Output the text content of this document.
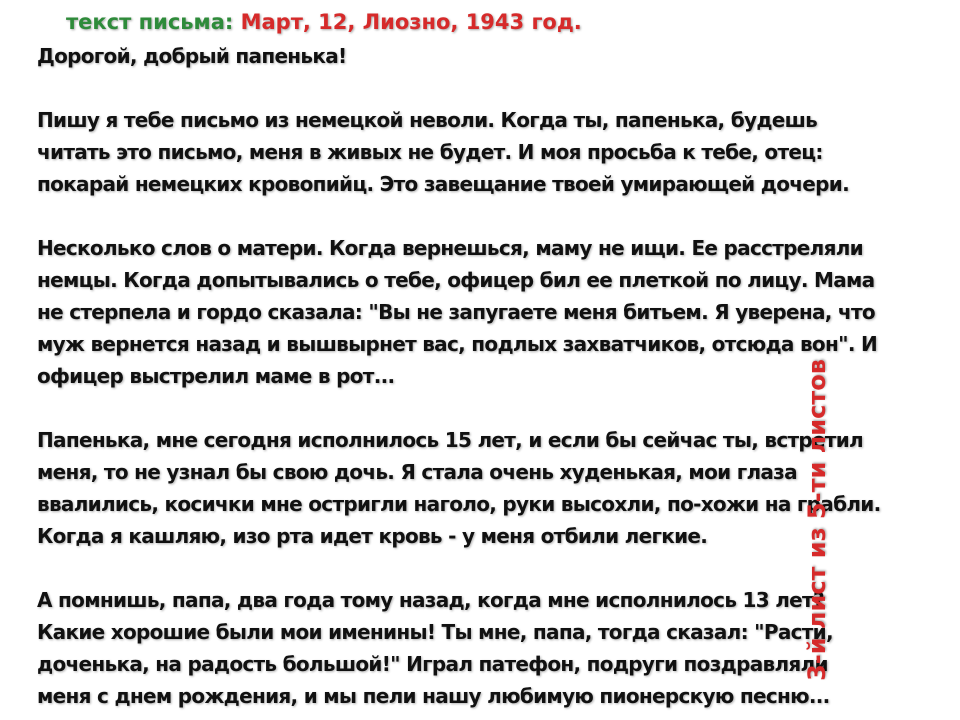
текст письма: Март, 12, Лиозно, 1943 год.
Дорогой, добрый папенька!
Пишу я тебе письмо из немецкой неволи. Когда ты, папенька, будешь
читать это письмо, меня в живых не будет. И моя просьба к тебе, отец:
покарай немецких кровопийц. Это завещание твоей умирающей дочери.
Несколько слов о матери. Когда вернешься, маму не ищи. Ее расстреляли
немцы. Когда допытывались о тебе, офицер бил ее плеткой по лицу. Мама
не стерпела и гордо сказала: "Вы не запугаете меня битьем. Я уверена, что
муж вернется назад и вышвырнет вас, подлых захватчиков, отсюда вон". И
офицер выстрелил маме в рот...
Папенька, мне сегодня исполнилось 15 лет, и если бы сейчас ты, встретил
меня, то не узнал бы свою дочь. Я стала очень худенькая, мои глаза
ввалились, косички мне остригли наголо, руки высохли, по-хожи на грабли.
Когда я кашляю, изо рта идет кровь - у меня отбили легкие.
А помнишь, папа, два года тому назад, когда мне исполнилось 13 лет?
Какие хорошие были мои именины! Ты мне, папа, тогда сказал: "Расти,
доченька, на радость большой!" Играл патефон, подруги поздравляли
меня с днем рождения, и мы пели нашу любимую пионерскую песню...
3-й лист из 5-ти листов
